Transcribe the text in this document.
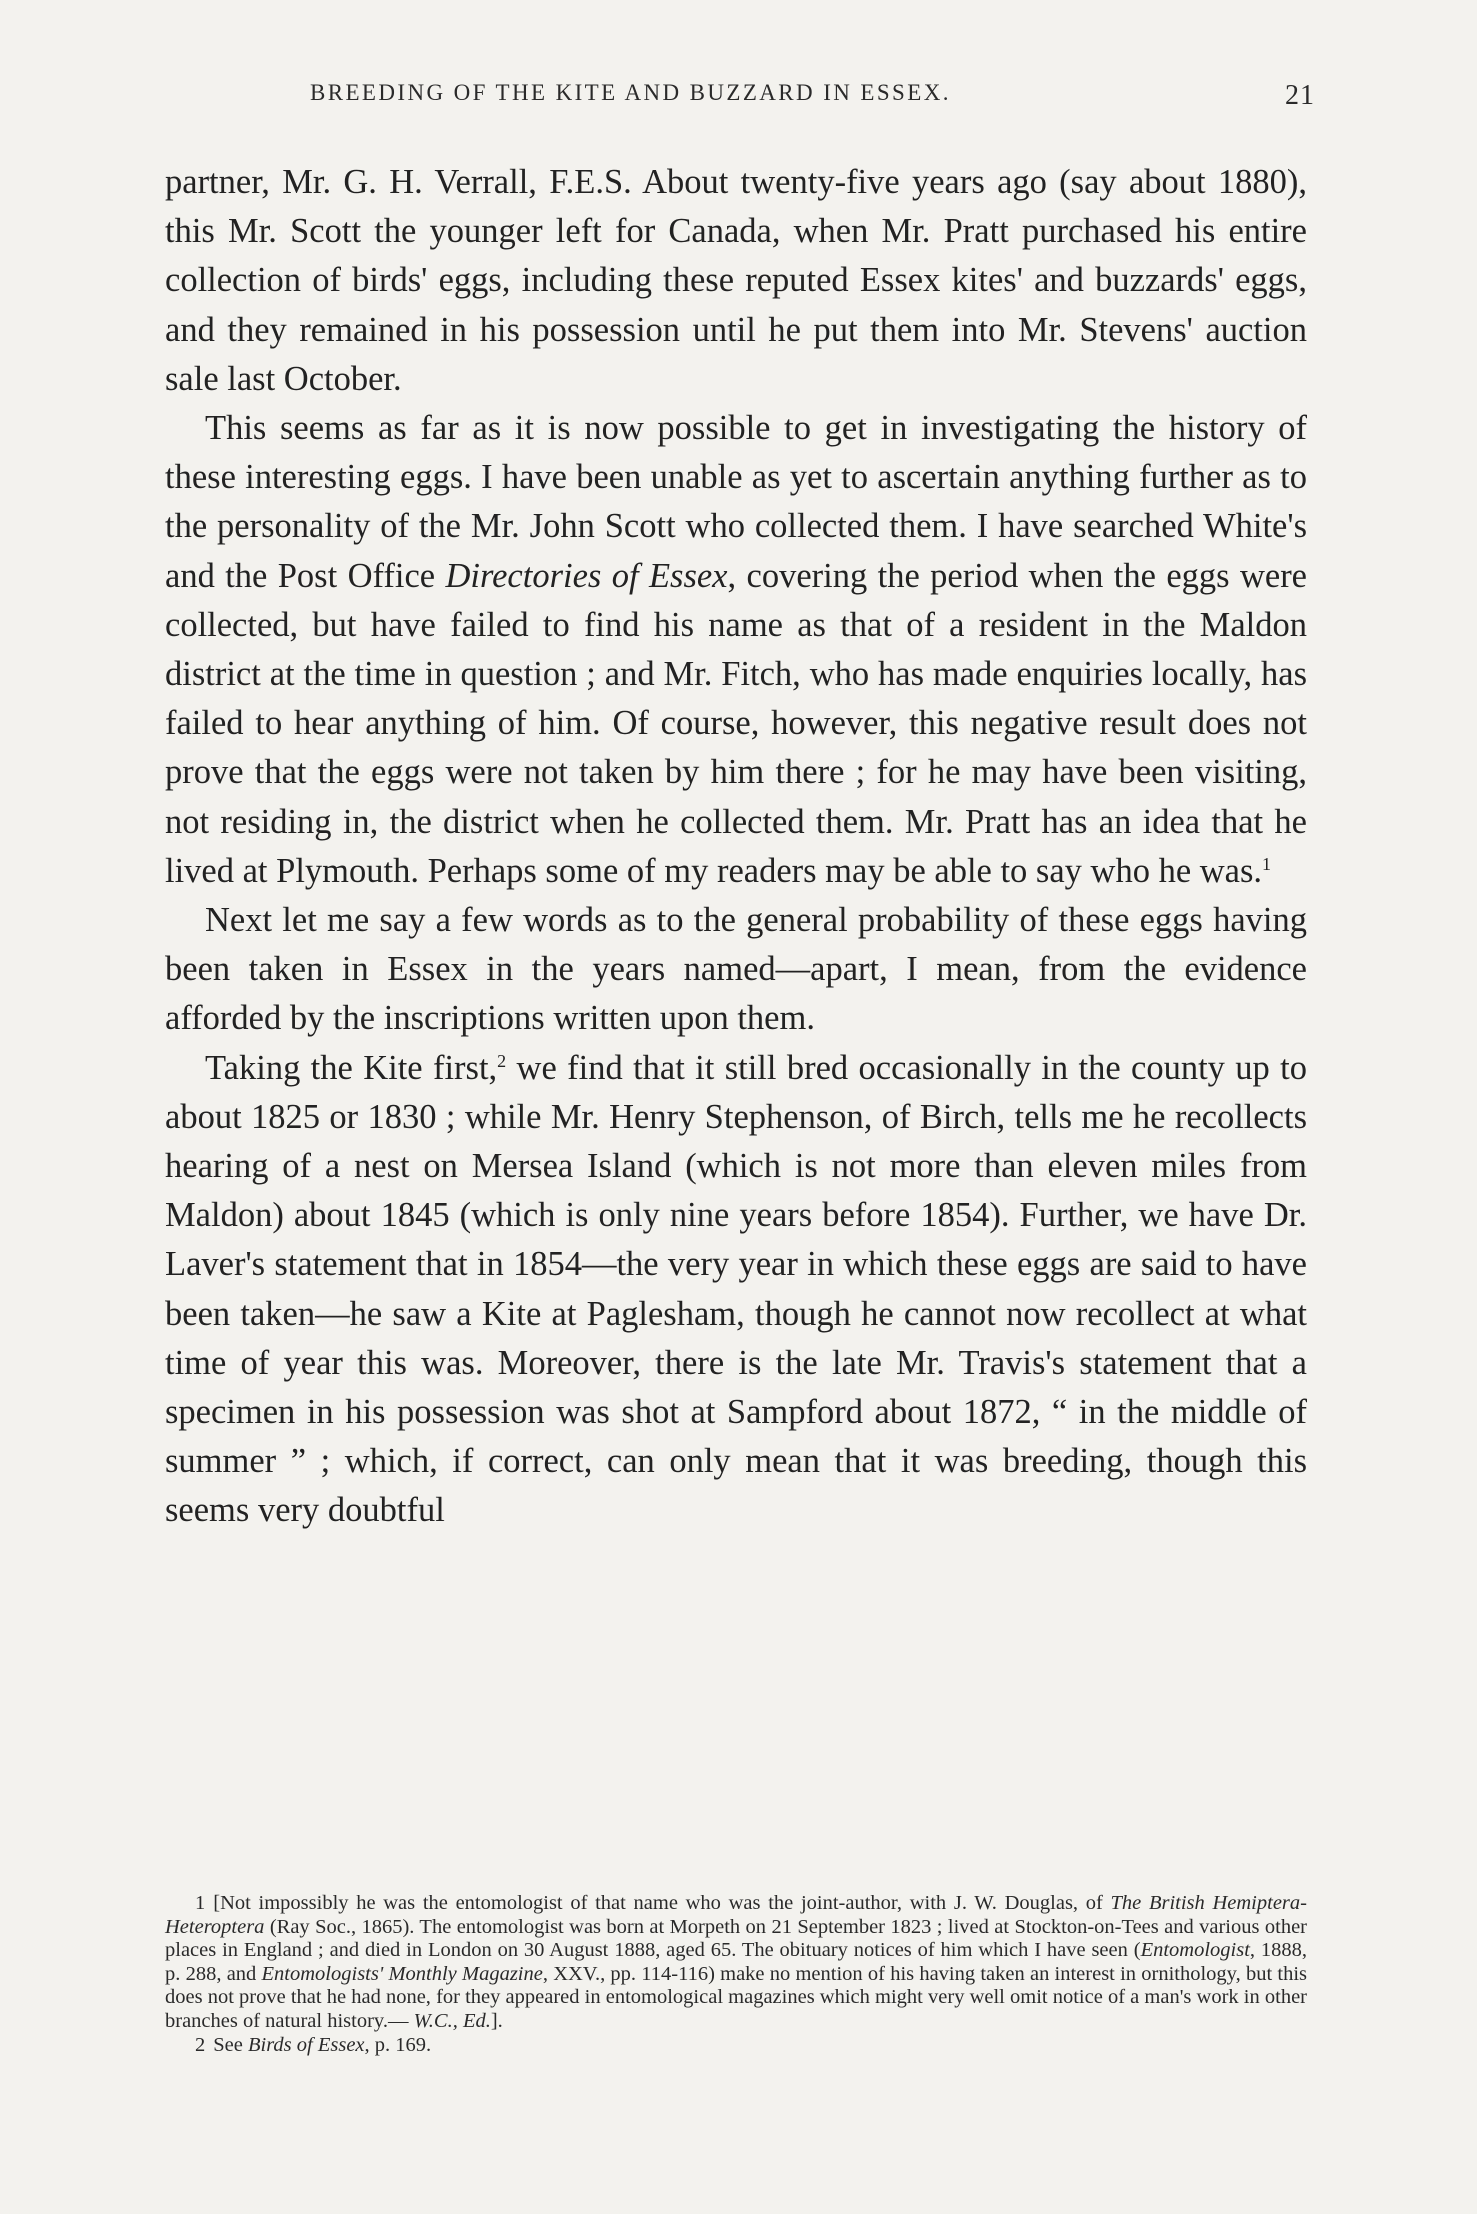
BREEDING OF THE KITE AND BUZZARD IN ESSEX.	21

partner, Mr. G. H. Verrall, F.E.S. About twenty-five years ago (say about 1880), this Mr. Scott the younger left for Canada, when Mr. Pratt purchased his entire collection of birds' eggs, including these reputed Essex kites' and buzzards' eggs, and they remained in his possession until he put them into Mr. Stevens' auction sale last October.

This seems as far as it is now possible to get in investigating the history of these interesting eggs. I have been unable as yet to ascertain anything further as to the personality of the Mr. John Scott who collected them. I have searched White's and the Post Office Directories of Essex, covering the period when the eggs were collected, but have failed to find his name as that of a resident in the Maldon district at the time in question ; and Mr. Fitch, who has made enquiries locally, has failed to hear anything of him. Of course, however, this negative result does not prove that the eggs were not taken by him there ; for he may have been visiting, not residing in, the district when he collected them. Mr. Pratt has an idea that he lived at Plymouth. Perhaps some of my readers may be able to say who he was.$^1$

Next let me say a few words as to the general probability of these eggs having been taken in Essex in the years named—apart, I mean, from the evidence afforded by the inscriptions written upon them.

Taking the Kite first,$^2$ we find that it still bred occasionally in the county up to about 1825 or 1830 ; while Mr. Henry Stephenson, of Birch, tells me he recollects hearing of a nest on Mersea Island (which is not more than eleven miles from Maldon) about 1845 (which is only nine years before 1854). Further, we have Dr. Laver's statement that in 1854—the very year in which these eggs are said to have been taken—he saw a Kite at Paglesham, though he cannot now recollect at what time of year this was. Moreover, there is the late Mr. Travis's statement that a specimen in his possession was shot at Sampford about 1872, “ in the middle of summer ” ; which, if correct, can only mean that it was breeding, though this seems very doubtful

1 [Not impossibly he was the entomologist of that name who was the joint-author, with J. W. Douglas, of The British Hemiptera-Heteroptera (Ray Soc., 1865). The entomologist was born at Morpeth on 21 September 1823 ; lived at Stockton-on-Tees and various other places in England ; and died in London on 30 August 1888, aged 65. The obituary notices of him which I have seen (Entomologist, 1888, p. 288, and Entomologists' Monthly Magazine, XXV., pp. 114-116) make no mention of his having taken an interest in ornithology, but this does not prove that he had none, for they appeared in entomological magazines which might very well omit notice of a man's work in other branches of natural history.— W.C., Ed.].

2 See Birds of Essex, p. 169.
